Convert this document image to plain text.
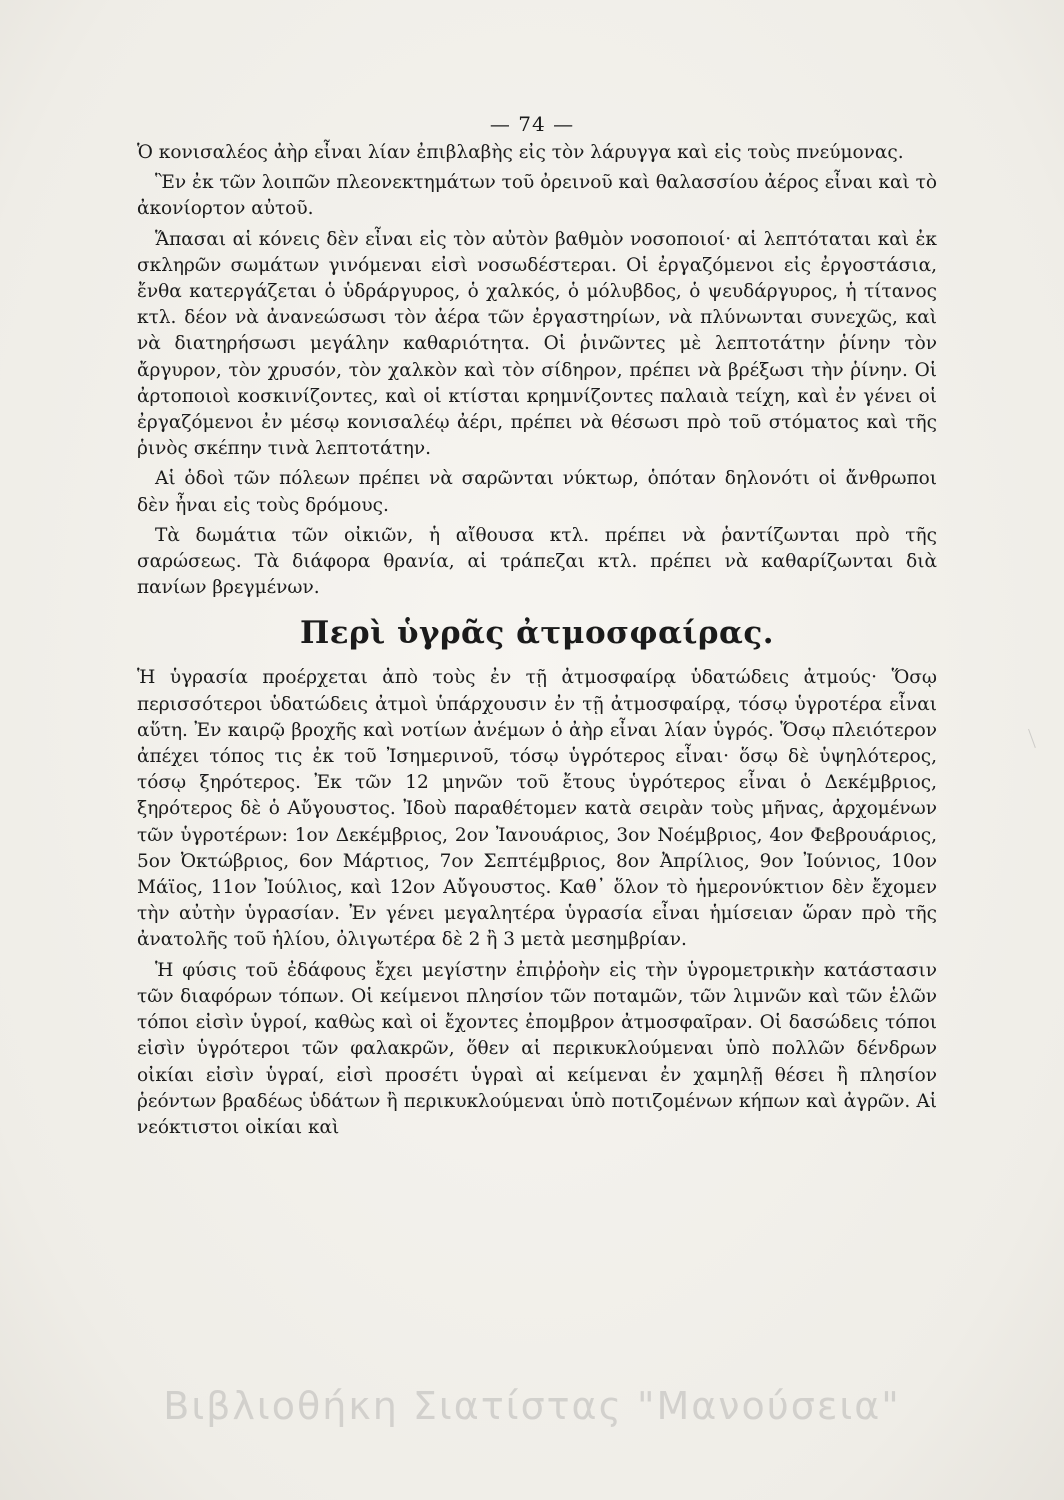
— 74 —

Ὁ κονισαλέος ἀὴρ εἶναι λίαν ἐπιβλαβὴς εἰς τὸν λάρυγγα καὶ εἰς τοὺς πνεύμονας.

Ἓν ἐκ τῶν λοιπῶν πλεονεκτημάτων τοῦ ὀρεινοῦ καὶ θαλασσίου ἀέρος εἶναι καὶ τὸ ἀκονίορτον αὐτοῦ.

Ἅπασαι αἱ κόνεις δὲν εἶναι εἰς τὸν αὐτὸν βαθμὸν νοσοποιοί· αἱ λεπτόταται καὶ ἐκ σκληρῶν σωμάτων γινόμεναι εἰσὶ νοσωδέστεραι. Οἱ ἐργαζόμενοι εἰς ἐργοστάσια, ἔνθα κατεργάζεται ὁ ὑδράργυρος, ὁ χαλκός, ὁ μόλυβδος, ὁ ψευδάργυρος, ἡ τίτανος κτλ. δέον νὰ ἀνανεώσωσι τὸν ἀέρα τῶν ἐργαστηρίων, νὰ πλύνωνται συνεχῶς, καὶ νὰ διατηρήσωσι μεγάλην καθαριότητα. Οἱ ῥινῶντες μὲ λεπτοτάτην ῥίνην τὸν ἄργυρον, τὸν χρυσόν, τὸν χαλκὸν καὶ τὸν σίδηρον, πρέπει νὰ βρέξωσι τὴν ῥίνην. Οἱ ἀρτοποιοὶ κοσκινίζοντες, καὶ οἱ κτίσται κρημνίζοντες παλαιὰ τείχη, καὶ ἐν γένει οἱ ἐργαζόμενοι ἐν μέσῳ κονισαλέῳ ἀέρι, πρέπει νὰ θέσωσι πρὸ τοῦ στόματος καὶ τῆς ῥινὸς σκέπην τινὰ λεπτοτάτην.

Αἱ ὁδοὶ τῶν πόλεων πρέπει νὰ σαρῶνται νύκτωρ, ὁπόταν δηλονότι οἱ ἄνθρωποι δὲν ἦναι εἰς τοὺς δρόμους.

Τὰ δωμάτια τῶν οἰκιῶν, ἡ αἴθουσα κτλ. πρέπει νὰ ῥαντίζωνται πρὸ τῆς σαρώσεως. Τὰ διάφορα θρανία, αἱ τράπεζαι κτλ. πρέπει νὰ καθαρίζωνται διὰ πανίων βρεγμένων.

Περὶ ὑγρᾶς ἀτμοσφαίρας.

Ἡ ὑγρασία προέρχεται ἀπὸ τοὺς ἐν τῇ ἀτμοσφαίρᾳ ὑδατώδεις ἀτμούς· Ὅσῳ περισσότεροι ὑδατώδεις ἀτμοὶ ὑπάρχουσιν ἐν τῇ ἀτμοσφαίρᾳ, τόσῳ ὑγροτέρα εἶναι αὕτη. Ἐν καιρῷ βροχῆς καὶ νοτίων ἀνέμων ὁ ἀὴρ εἶναι λίαν ὑγρός. Ὅσῳ πλειότερον ἀπέχει τόπος τις ἐκ τοῦ Ἰσημερινοῦ, τόσῳ ὑγρότερος εἶναι· ὅσῳ δὲ ὑψηλότερος, τόσῳ ξηρότερος. Ἐκ τῶν 12 μηνῶν τοῦ ἔτους ὑγρότερος εἶναι ὁ Δεκέμβριος, ξηρότερος δὲ ὁ Αὔγουστος. Ἰδοὺ παραθέτομεν κατὰ σειρὰν τοὺς μῆνας, ἀρχομένων τῶν ὑγροτέρων: 1ον Δεκέμβριος, 2ον Ἰανουάριος, 3ον Νοέμβριος, 4ον Φεβρουάριος, 5ον Ὀκτώβριος, 6ον Μάρτιος, 7ον Σεπτέμβριος, 8ον Ἀπρίλιος, 9ον Ἰούνιος, 10ον Μάϊος, 11ον Ἰούλιος, καὶ 12ον Αὔγουστος. Καθ᾽ ὅλον τὸ ἡμερονύκτιον δὲν ἔχομεν τὴν αὐτὴν ὑγρασίαν. Ἐν γένει μεγαλητέρα ὑγρασία εἶναι ἡμίσειαν ὥραν πρὸ τῆς ἀνατολῆς τοῦ ἡλίου, ὀλιγωτέρα δὲ 2 ἢ 3 μετὰ μεσημβρίαν.

Ἡ φύσις τοῦ ἐδάφους ἔχει μεγίστην ἐπιῤῥοὴν εἰς τὴν ὑγρομετρικὴν κατάστασιν τῶν διαφόρων τόπων. Οἱ κείμενοι πλησίον τῶν ποταμῶν, τῶν λιμνῶν καὶ τῶν ἑλῶν τόποι εἰσὶν ὑγροί, καθὼς καὶ οἱ ἔχοντες ἐπομβρον ἀτμοσφαῖραν. Οἱ δασώδεις τόποι εἰσὶν ὑγρότεροι τῶν φαλακρῶν, ὅθεν αἱ περικυκλούμεναι ὑπὸ πολλῶν δένδρων οἰκίαι εἰσὶν ὑγραί, εἰσὶ προσέτι ὑγραὶ αἱ κείμεναι ἐν χαμηλῇ θέσει ἢ πλησίον ῥεόντων βραδέως ὑδάτων ἢ περικυκλούμεναι ὑπὸ ποτιζομένων κήπων καὶ ἀγρῶν. Αἱ νεόκτιστοι οἰκίαι καὶ

Βιβλιοθήκη Σιατίστας "Μανούσεια"
